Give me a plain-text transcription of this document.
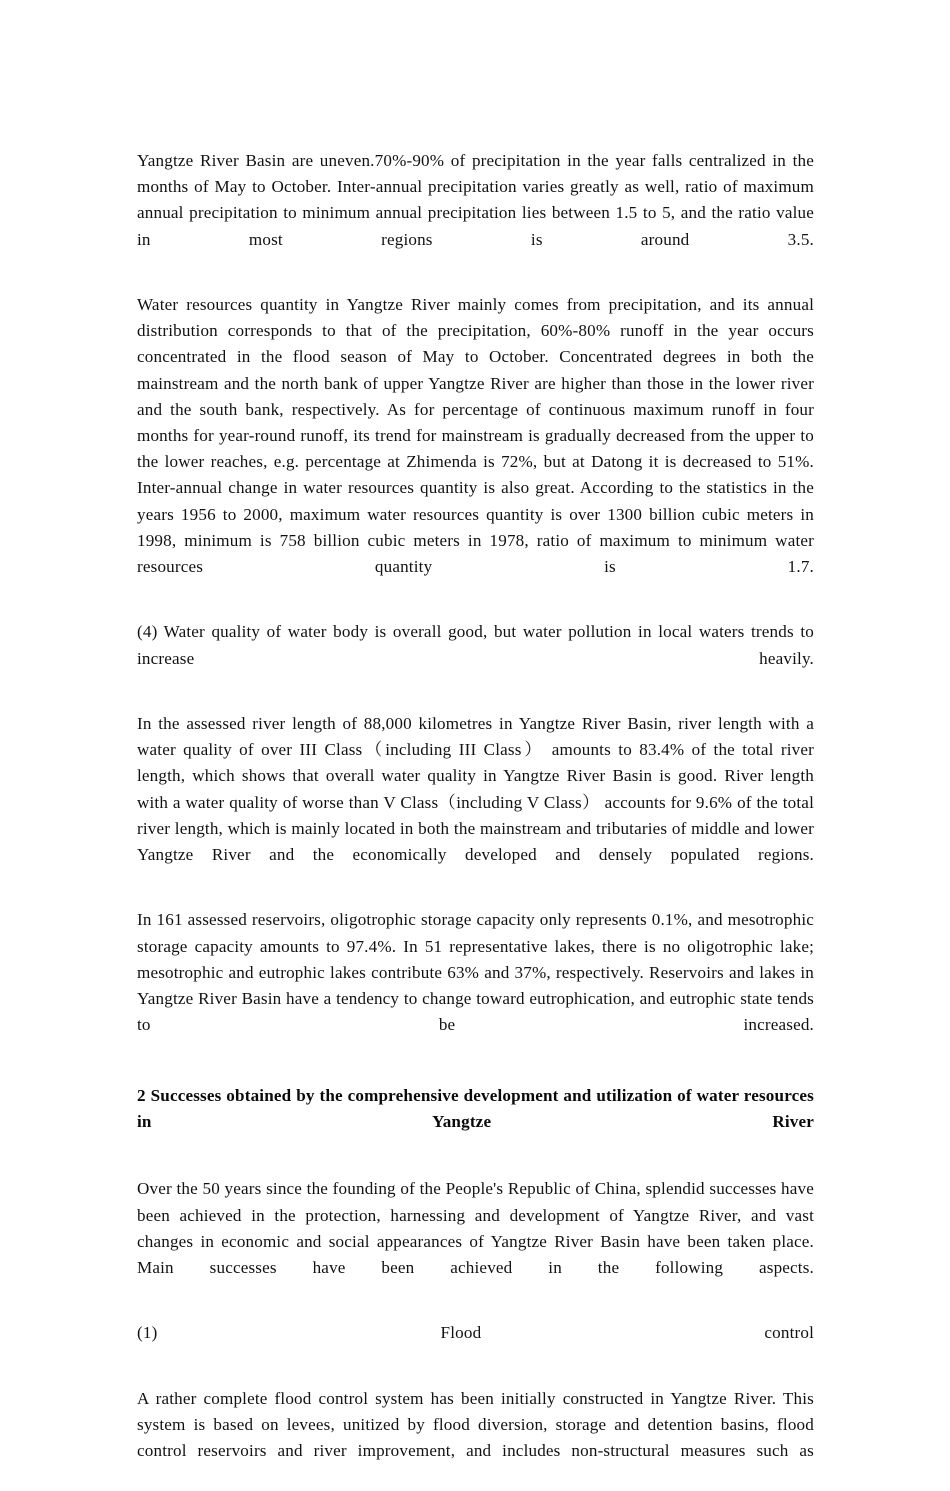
Yangtze River Basin are uneven.70%-90% of precipitation in the year falls centralized in the months of May to October. Inter-annual precipitation varies greatly as well, ratio of maximum annual precipitation to minimum annual precipitation lies between 1.5 to 5, and the ratio value in most regions is around 3.5.

Water resources quantity in Yangtze River mainly comes from precipitation, and its annual distribution corresponds to that of the precipitation, 60%-80% runoff in the year occurs concentrated in the flood season of May to October. Concentrated degrees in both the mainstream and the north bank of upper Yangtze River are higher than those in the lower river and the south bank, respectively. As for percentage of continuous maximum runoff in four months for year-round runoff, its trend for mainstream is gradually decreased from the upper to the lower reaches, e.g. percentage at Zhimenda is 72%, but at Datong it is decreased to 51%. Inter-annual change in water resources quantity is also great. According to the statistics in the years 1956 to 2000, maximum water resources quantity is over 1300 billion cubic meters in 1998, minimum is 758 billion cubic meters in 1978, ratio of maximum to minimum water resources quantity is 1.7.

(4) Water quality of water body is overall good, but water pollution in local waters trends to increase heavily.

In the assessed river length of 88,000 kilometres in Yangtze River Basin, river length with a water quality of over III Class（including III Class） amounts to 83.4% of the total river length, which shows that overall water quality in Yangtze River Basin is good. River length with a water quality of worse than V Class（including V Class） accounts for 9.6% of the total river length, which is mainly located in both the mainstream and tributaries of middle and lower Yangtze River and the economically developed and densely populated regions.

In 161 assessed reservoirs, oligotrophic storage capacity only represents 0.1%, and mesotrophic storage capacity amounts to 97.4%. In 51 representative lakes, there is no oligotrophic lake; mesotrophic and eutrophic lakes contribute 63% and 37%, respectively. Reservoirs and lakes in Yangtze River Basin have a tendency to change toward eutrophication, and eutrophic state tends to be increased.

2 Successes obtained by the comprehensive development and utilization of water resources in Yangtze River

Over the 50 years since the founding of the People's Republic of China, splendid successes have been achieved in the protection, harnessing and development of Yangtze River, and vast changes in economic and social appearances of Yangtze River Basin have been taken place. Main successes have been achieved in the following aspects.

(1) Flood control

A rather complete flood control system has been initially constructed in Yangtze River. This system is based on levees, unitized by flood diversion, storage and detention basins, flood control reservoirs and river improvement, and includes non-structural measures such as
